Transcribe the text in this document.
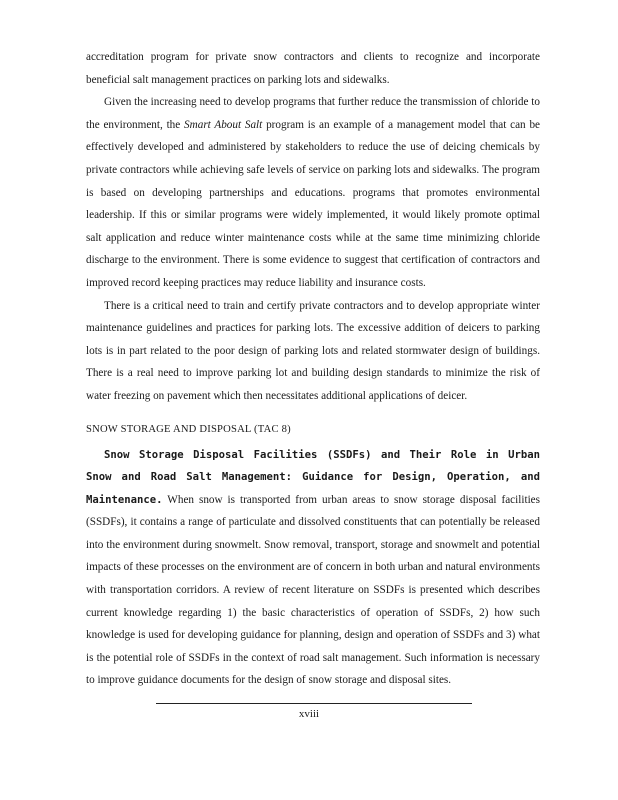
accreditation program for private snow contractors and clients to recognize and incorporate beneficial salt management practices on parking lots and sidewalks.

Given the increasing need to develop programs that further reduce the transmission of chloride to the environment, the Smart About Salt program is an example of a management model that can be effectively developed and administered by stakeholders to reduce the use of deicing chemicals by private contractors while achieving safe levels of service on parking lots and sidewalks. The program is based on developing partnerships and educations. programs that promotes environmental leadership. If this or similar programs were widely implemented, it would likely promote optimal salt application and reduce winter maintenance costs while at the same time minimizing chloride discharge to the environment. There is some evidence to suggest that certification of contractors and improved record keeping practices may reduce liability and insurance costs.

There is a critical need to train and certify private contractors and to develop appropriate winter maintenance guidelines and practices for parking lots. The excessive addition of deicers to parking lots is in part related to the poor design of parking lots and related stormwater design of buildings. There is a real need to improve parking lot and building design standards to minimize the risk of water freezing on pavement which then necessitates additional applications of deicer.

SNOW STORAGE AND DISPOSAL (TAC 8)

Snow Storage Disposal Facilities (SSDFs) and Their Role in Urban Snow and Road Salt Management: Guidance for Design, Operation, and Maintenance. When snow is transported from urban areas to snow storage disposal facilities (SSDFs), it contains a range of particulate and dissolved constituents that can potentially be released into the environment during snowmelt. Snow removal, transport, storage and snowmelt and potential impacts of these processes on the environment are of concern in both urban and natural environments with transportation corridors. A review of recent literature on SSDFs is presented which describes current knowledge regarding 1) the basic characteristics of operation of SSDFs, 2) how such knowledge is used for developing guidance for planning, design and operation of SSDFs and 3) what is the potential role of SSDFs in the context of road salt management. Such information is necessary to improve guidance documents for the design of snow storage and disposal sites.

xviii
